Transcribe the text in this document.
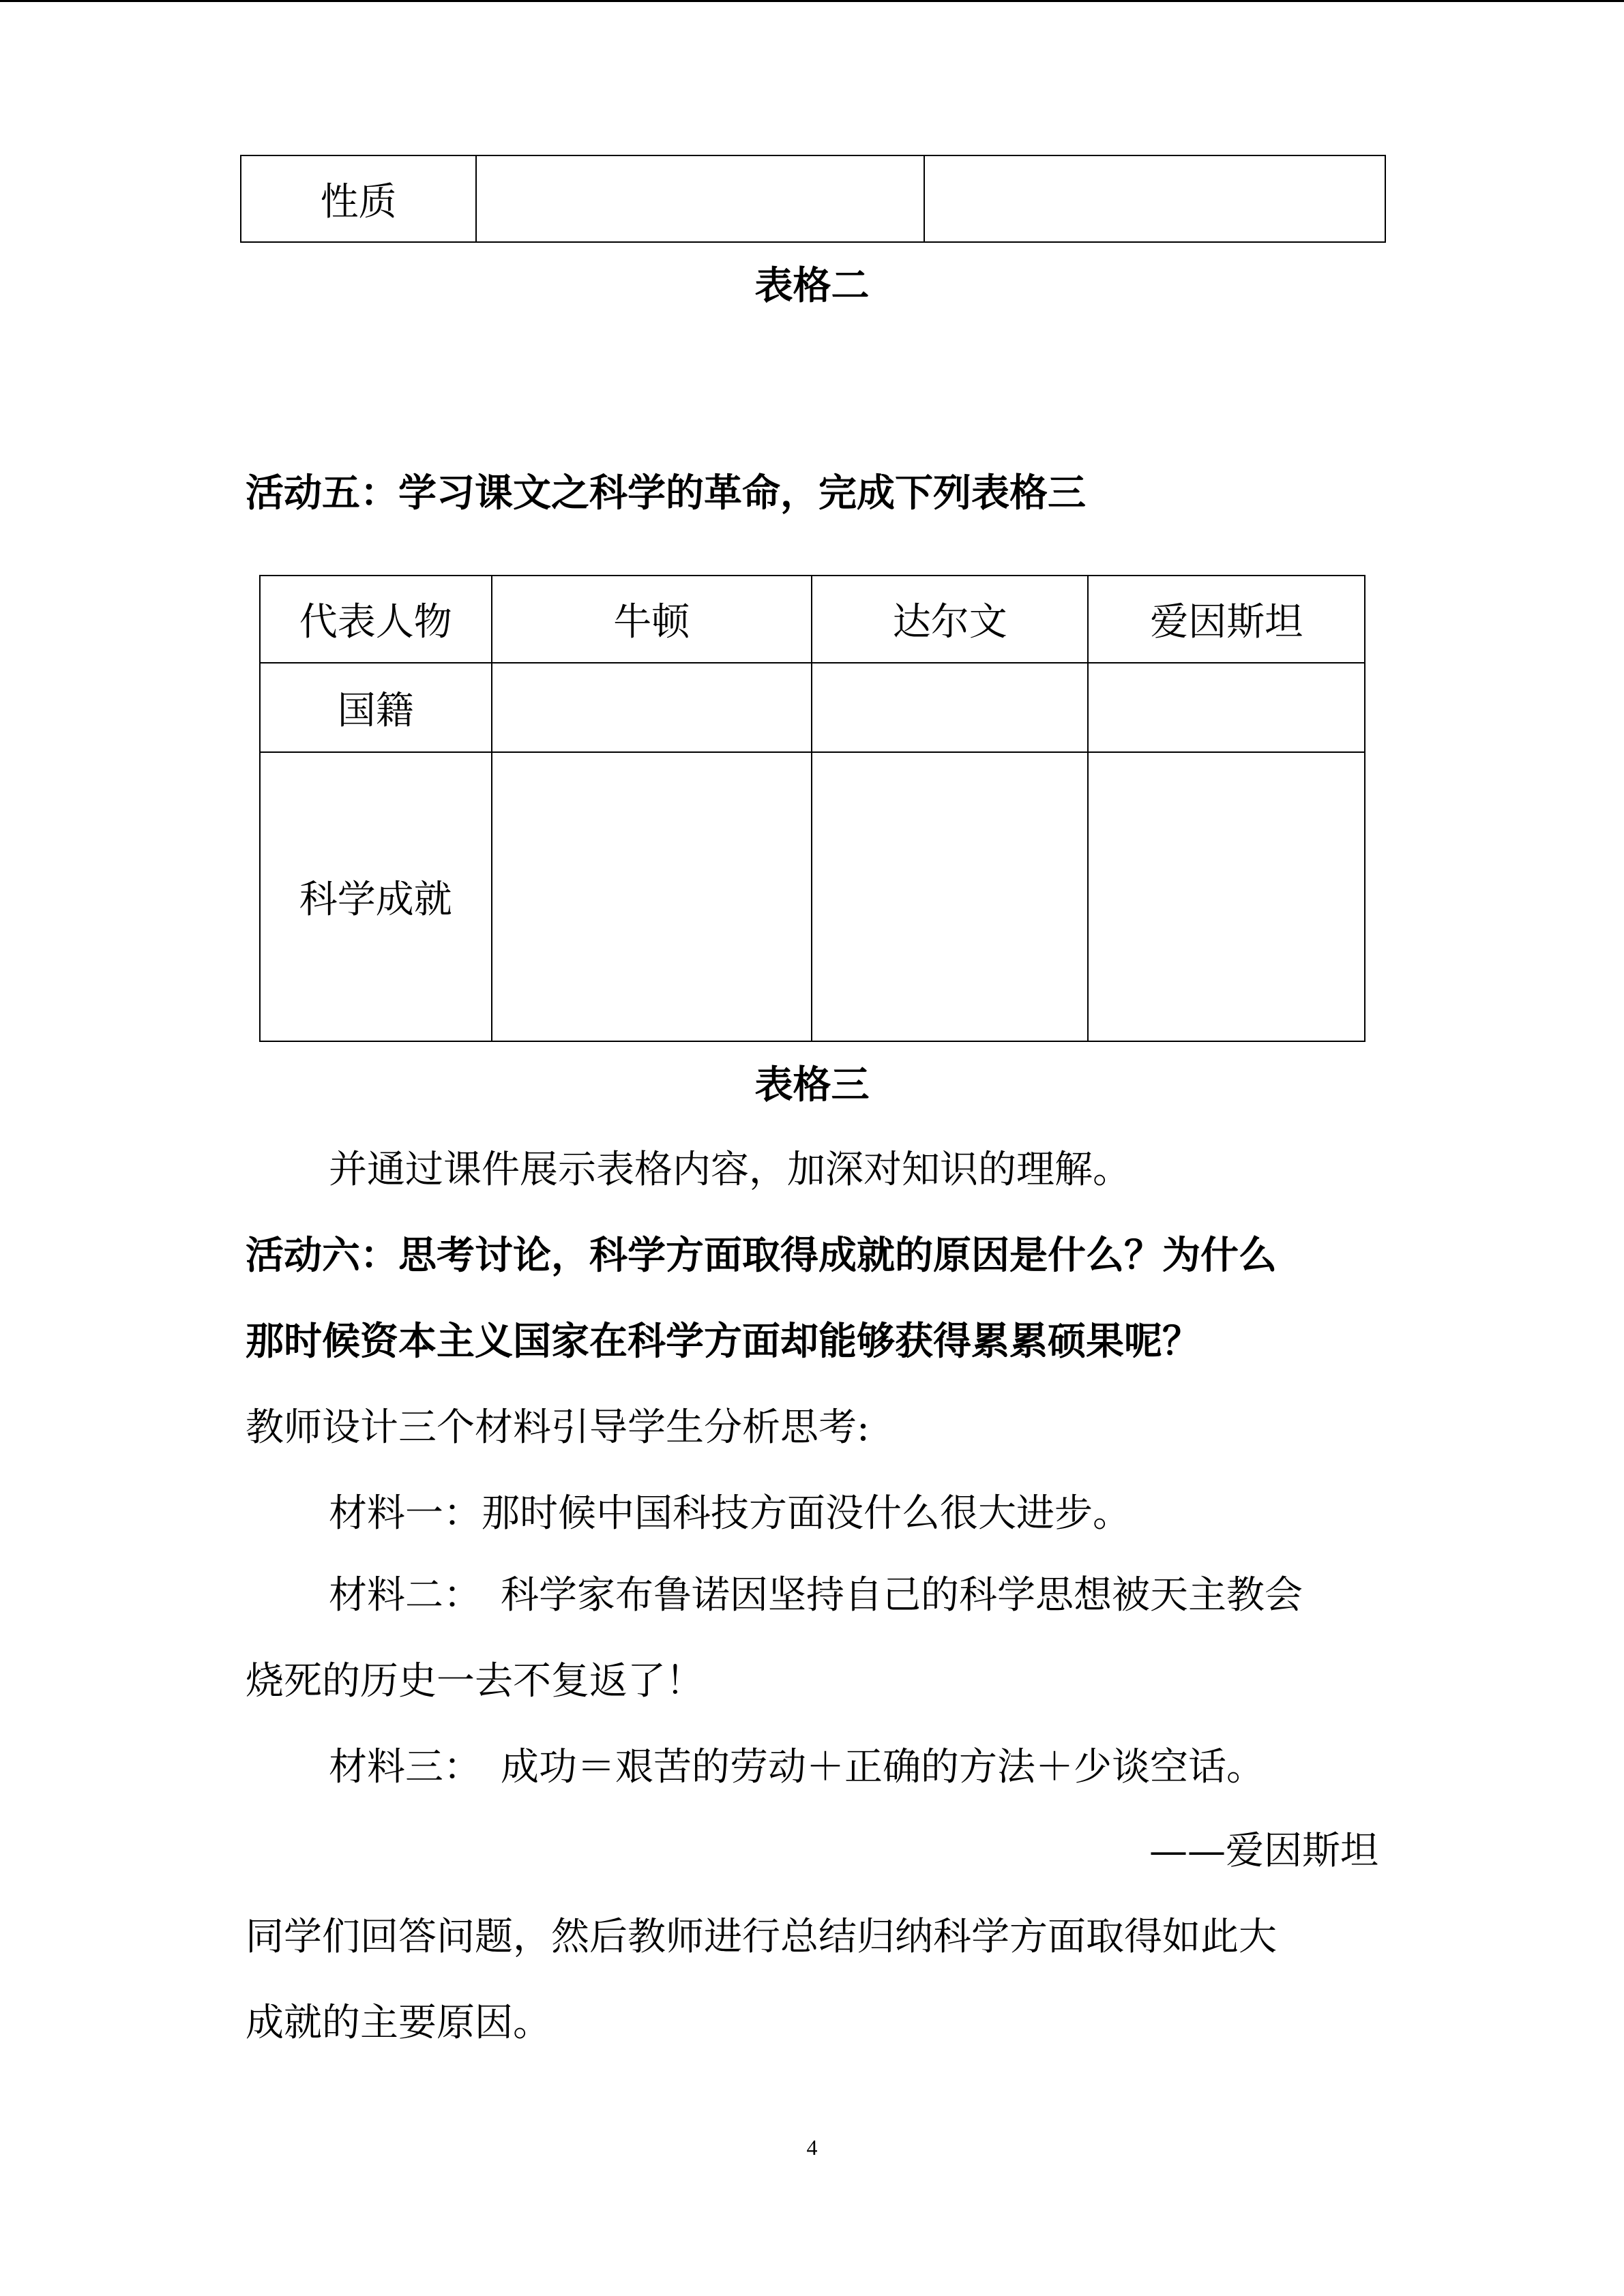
性质		
表格二
活动五：学习课文之科学的革命，完成下列表格三
代表人物	牛顿	达尔文	爱因斯坦
国籍			
科学成就			
表格三
并通过课件展示表格内容，加深对知识的理解。
活动六：思考讨论，科学方面取得成就的原因是什么？为什么
那时候资本主义国家在科学方面却能够获得累累硕果呢？
教师设计三个材料引导学生分析思考:
材料一：那时候中国科技方面没什么很大进步。
材料二：　科学家布鲁诺因坚持自己的科学思想被天主教会
烧死的历史一去不复返了！
材料三：　成功＝艰苦的劳动＋正确的方法＋少谈空话。
——爱因斯坦
同学们回答问题，然后教师进行总结归纳科学方面取得如此大
成就的主要原因。
4
